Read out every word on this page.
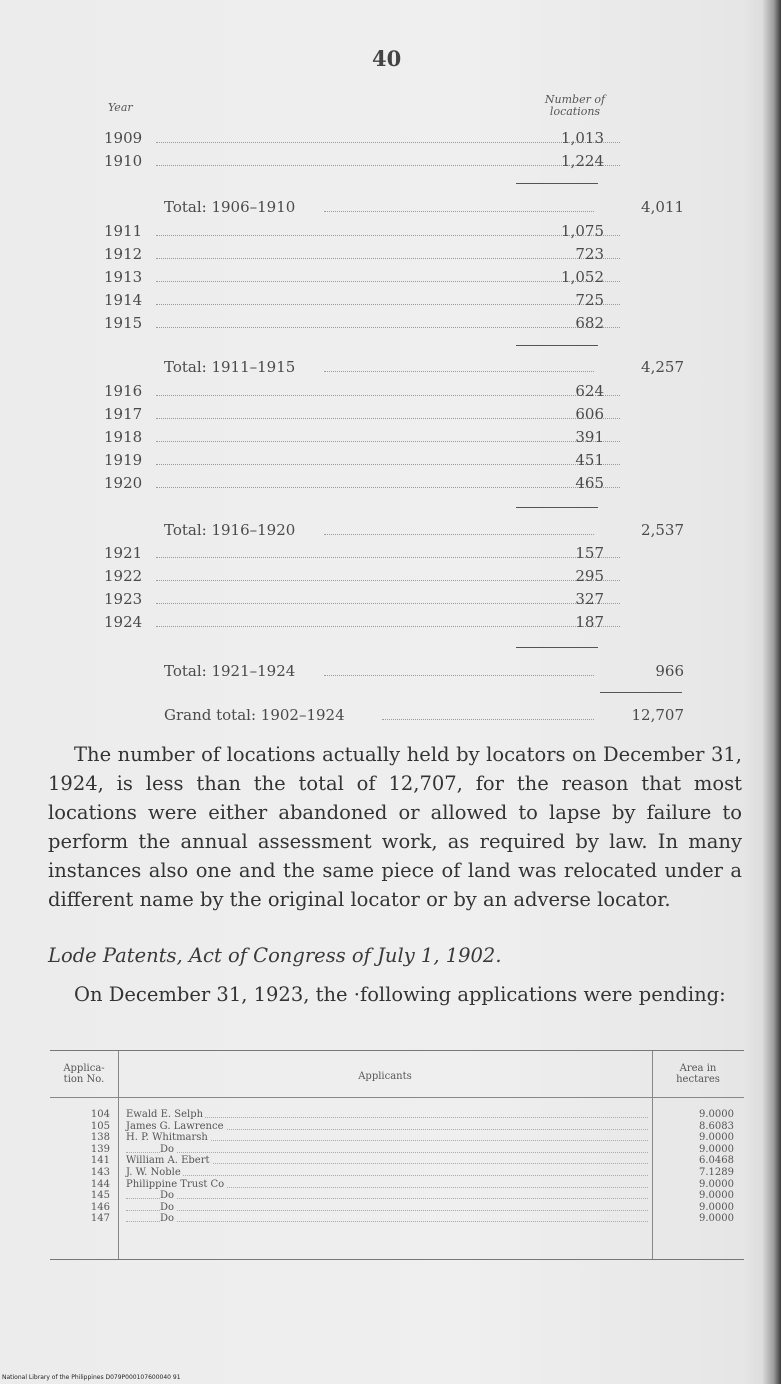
40
Year
Number of
locations
1909	1,013
1910	1,224
Total: 1906–1910	4,011
1911	1,075
1912	723
1913	1,052
1914	725
1915	682
Total: 1911–1915	4,257
1916	624
1917	606
1918	391
1919	451
1920	465
Total: 1916–1920	2,537
1921	157
1922	295
1923	327
1924	187
Total: 1921–1924	966
Grand total: 1902–1924	12,707
The number of locations actually held by locators on December 31, 1924, is less than the total of 12,707, for the reason that most locations were either abandoned or allowed to lapse by failure to perform the annual assessment work, as required by law. In many instances also one and the same piece of land was relocated under a different name by the original locator or by an adverse locator.
Lode Patents, Act of Congress of July 1, 1902.
On December 31, 1923, the ·following applications were pending:
Applica-
tion No.	Applicants
Area in
hectares
104 Ewald E. Selph	9.0000
105 James G. Lawrence	8.6083
138 H. P. Whitmarsh	9.0000
139	Do	9.0000
141 William A. Ebert	6.0468
143 J. W. Noble	7.1289
144 Philippine Trust Co	9.0000
145	Do	9.0000
146	Do	9.0000
147	Do	9.0000
National Library of the Philippines D079P000107600040 91
